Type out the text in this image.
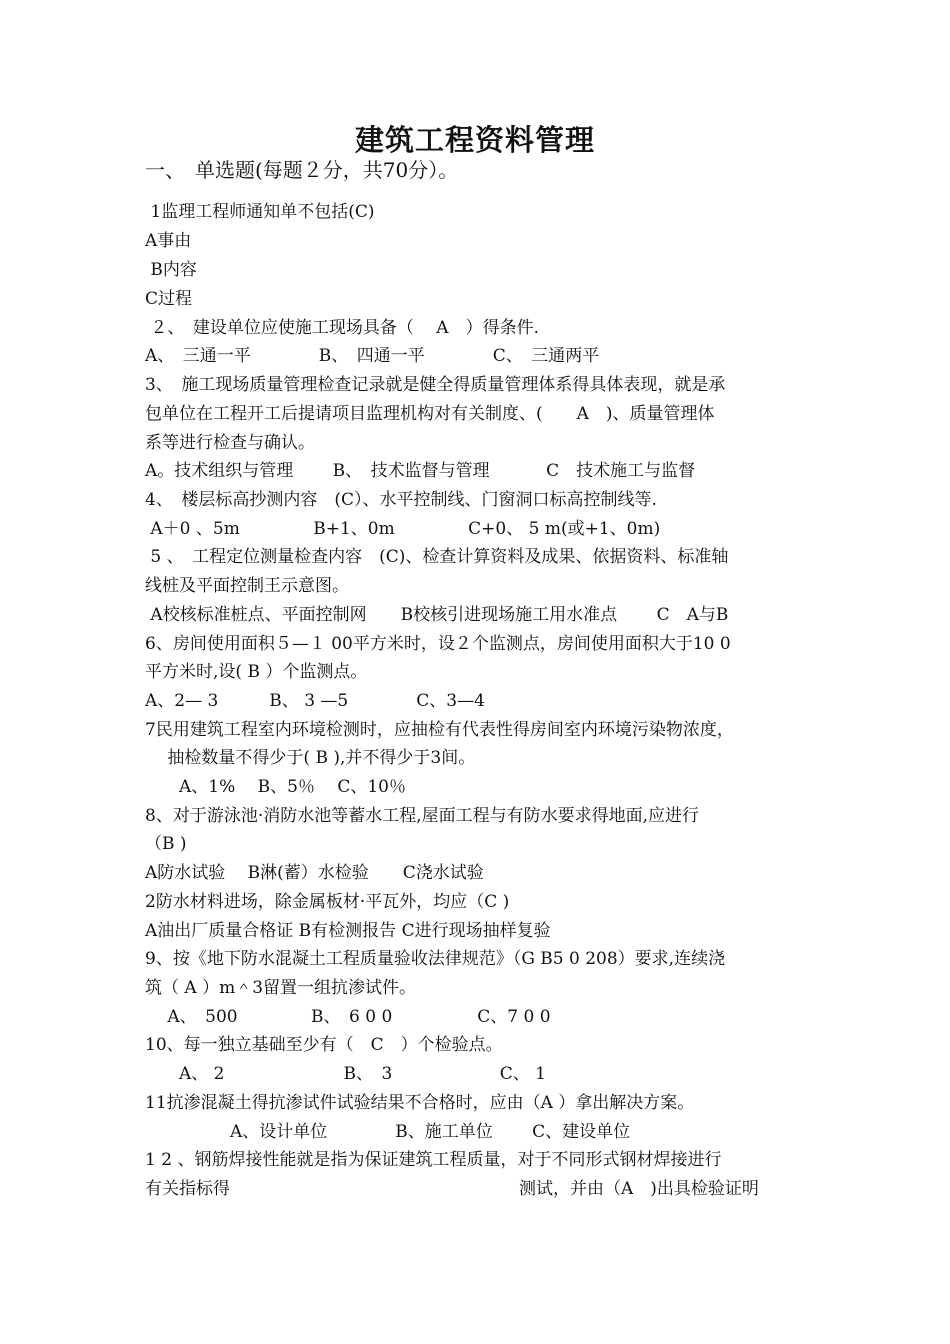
建筑工程资料管理
一、　单选题(每题２分，共70分）。
1监理工程师通知单不包括(C)
A事由
B内容
C过程
２、　建设单位应使施工现场具备（　 A　）得条件.
A、　三通一平　　　　B、　四通一平　　　　C、　三通两平
3、　施工现场质量管理检查记录就是健全得质量管理体系得具体表现，就是承
包单位在工程开工后提请项目监理机构对有关制度、(　　A　)、质量管理体
系等进行检查与确认。
A。技术组织与管理　　 B、　技术监督与管理　　　 C　技术施工与监督
4、　楼层标高抄测内容　(C）、水平控制线、门窗洞口标高控制线等.
A＋0 、5m　　　　 B+1、0m　　　　 C+0、 5 m(或+1、0m)
5 、　工程定位测量检查内容　(C)、检查计算资料及成果、依据资料、标准轴
线桩及平面控制王示意图。
A校核标准桩点、平面控制网　　B校核引进现场施工用水准点　　 C　A与B
6、房间使用面积５—１ 00平方米时，设２个监测点，房间使用面积大于10 0
平方米时,设( B ）个监测点。
A、2— 3　　　B、 3 —5　　　　C、3—4
7民用建筑工程室内环境检测时，应抽检有代表性得房间室内环境污染物浓度，
　 抽检数量不得少于( B ),并不得少于3间。
　　A、1%　 B、5％　 C、10％
8、对于游泳池·消防水池等蓄水工程,屋面工程与有防水要求得地面,应进行
（B )
A防水试验　 B淋(蓄）水检验　　C浇水试验
2防水材料进场，除金属板材·平瓦外，均应（C )
A油出厂质量合格证 B有检测报告 C进行现场抽样复验
9、按《地下防水混凝土工程质量验收法律规范》（G B5 0 208）要求,连续浇
筑（ A ）m＾3留置一组抗渗试件。
　 A、　500　　　　 B、　6 0 0　　　　　C、7 0 0
10、每一独立基础至少有（　C　）个检验点。
　　A、 2　　　　　　　B、　3　　　　　　 C、 1
11抗渗混凝土得抗渗试件试验结果不合格时，应由（A ）拿出解决方案。
　　　　　A、设计单位　　　　B、施工单位　　 C、建设单位
1 2 、钢筋焊接性能就是指为保证建筑工程质量，对于不同形式钢材焊接进行
有关指标得　　　　　　　　　　　　　　　　　测试，并由（A　)出具检验证明
